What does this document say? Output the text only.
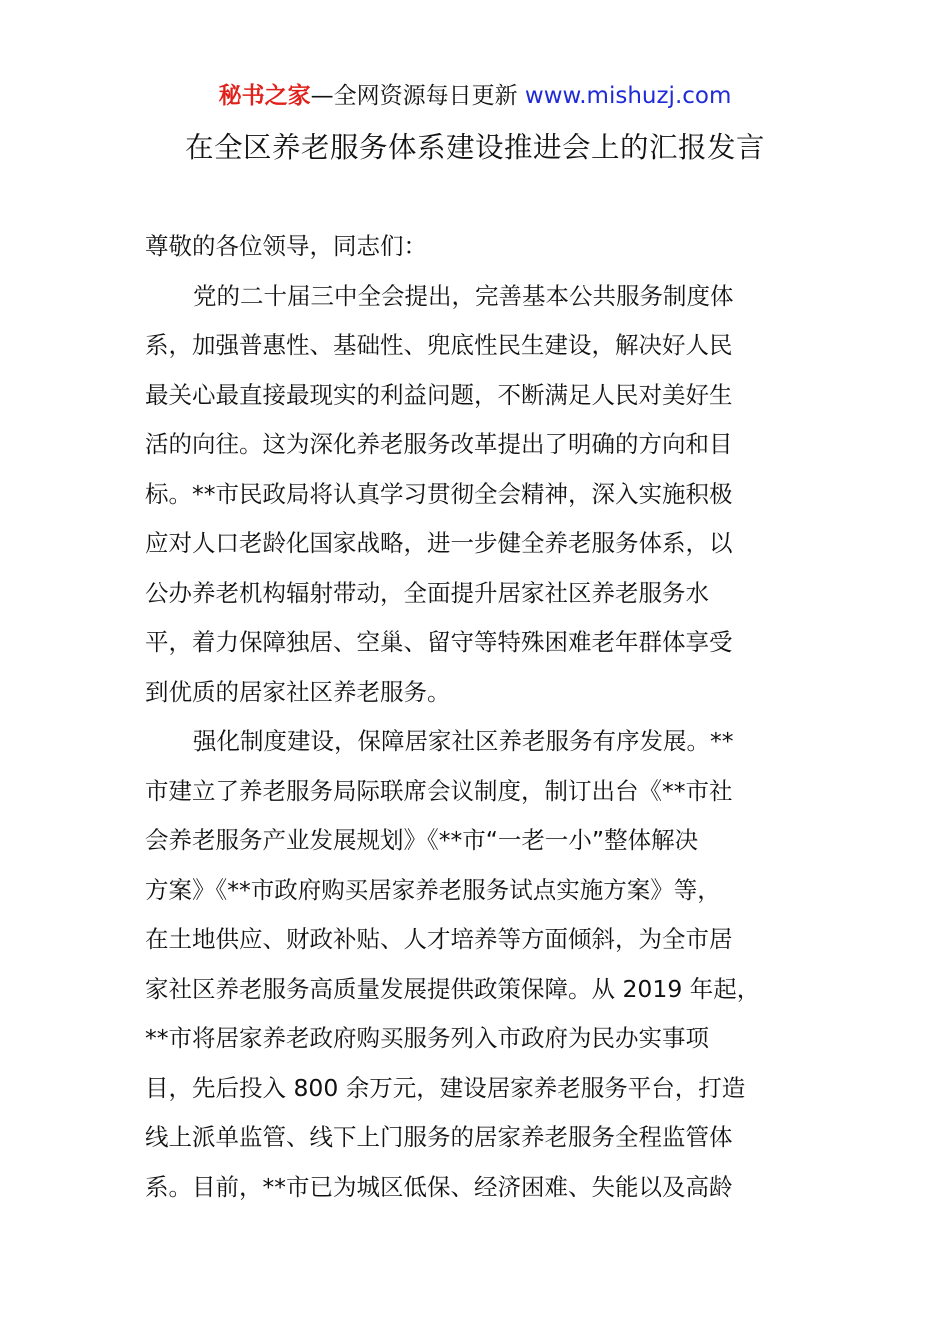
秘书之家—全网资源每日更新 www.mishuzj.com
在全区养老服务体系建设推进会上的汇报发言
尊敬的各位领导，同志们：
党的二十届三中全会提出，完善基本公共服务制度体
系，加强普惠性、基础性、兜底性民生建设，解决好人民
最关心最直接最现实的利益问题，不断满足人民对美好生
活的向往。这为深化养老服务改革提出了明确的方向和目
标。**市民政局将认真学习贯彻全会精神，深入实施积极
应对人口老龄化国家战略，进一步健全养老服务体系，以
公办养老机构辐射带动，全面提升居家社区养老服务水
平，着力保障独居、空巢、留守等特殊困难老年群体享受
到优质的居家社区养老服务。
强化制度建设，保障居家社区养老服务有序发展。**
市建立了养老服务局际联席会议制度，制订出台《**市社
会养老服务产业发展规划》《**市“一老一小”整体解决
方案》《**市政府购买居家养老服务试点实施方案》等，
在土地供应、财政补贴、人才培养等方面倾斜，为全市居
家社区养老服务高质量发展提供政策保障。从 2019 年起，
**市将居家养老政府购买服务列入市政府为民办实事项
目，先后投入 800 余万元，建设居家养老服务平台，打造
线上派单监管、线下上门服务的居家养老服务全程监管体
系。目前，**市已为城区低保、经济困难、失能以及高龄
